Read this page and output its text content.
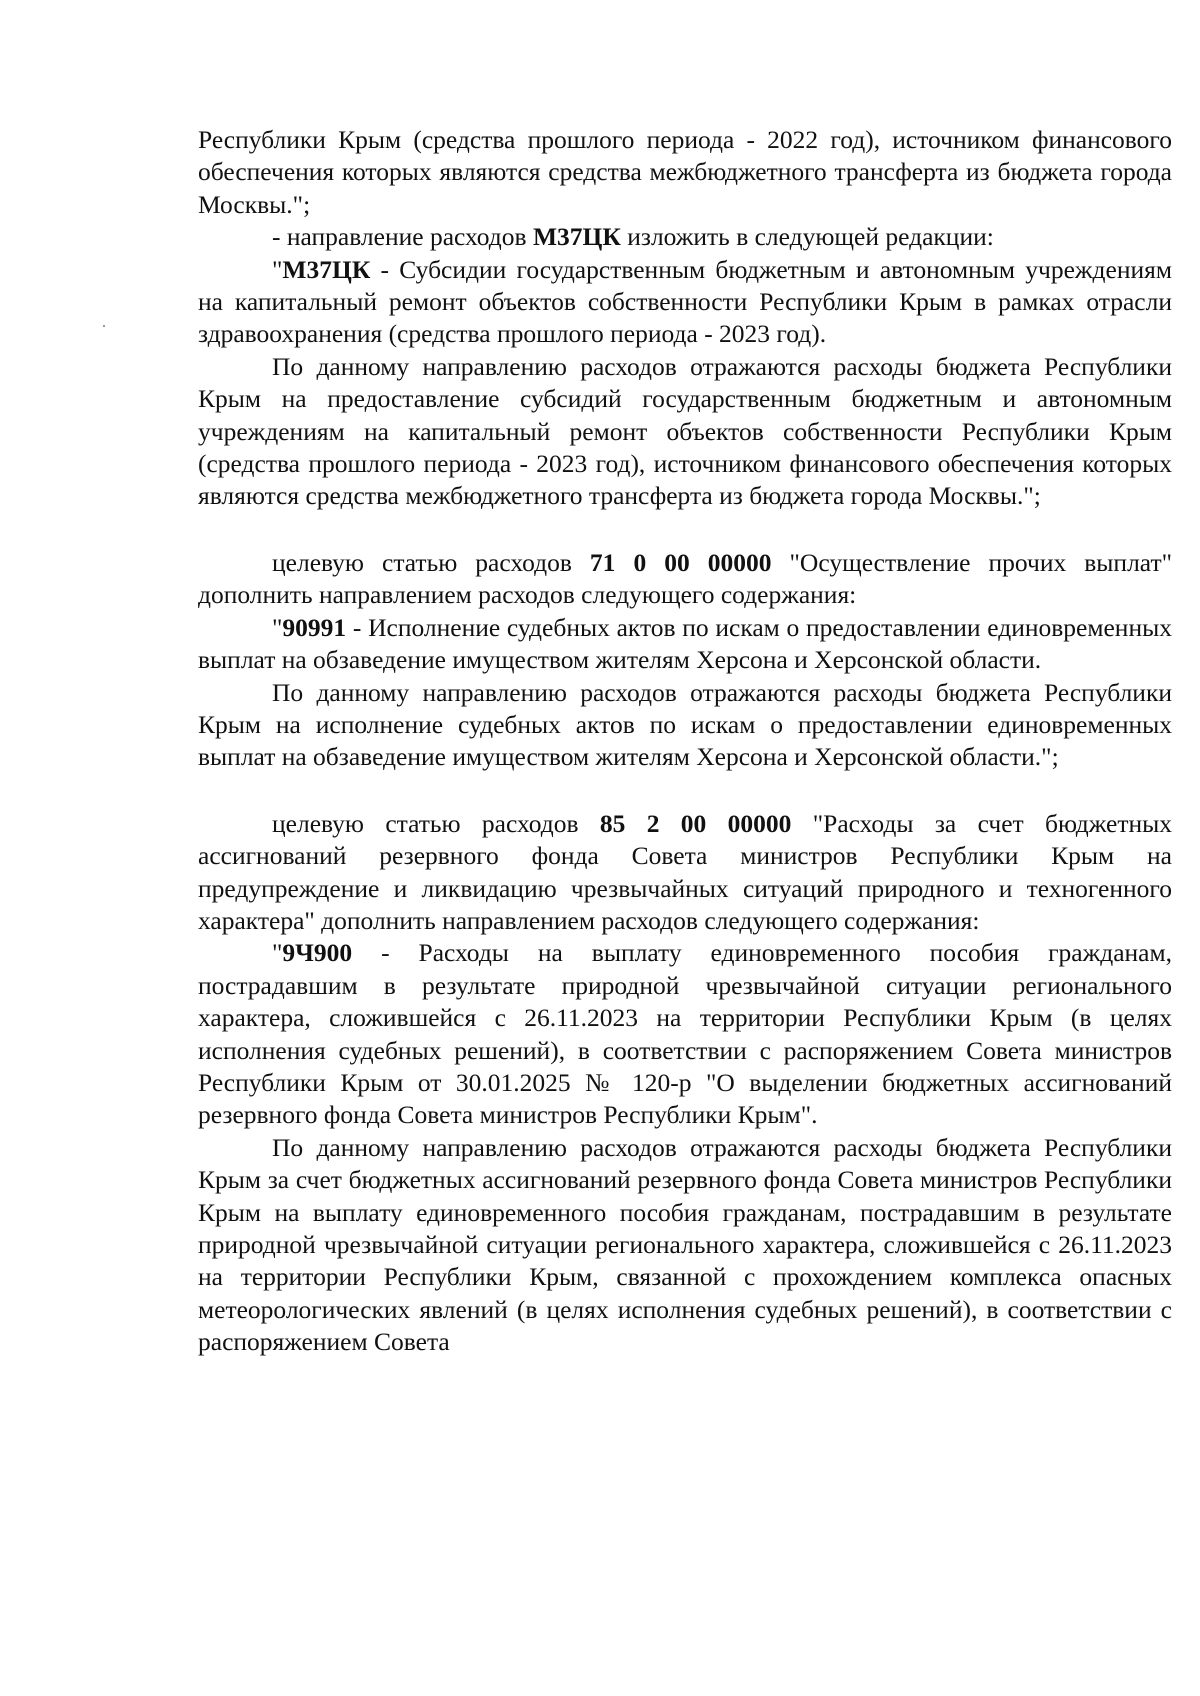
Республики Крым (средства прошлого периода - 2022 год), источником финансового обеспечения которых являются средства межбюджетного трансферта из бюджета города Москвы.";

- направление расходов М37ЦК изложить в следующей редакции:

"М37ЦК - Субсидии государственным бюджетным и автономным учреждениям на капитальный ремонт объектов собственности Республики Крым в рамках отрасли здравоохранения (средства прошлого периода - 2023 год).

По данному направлению расходов отражаются расходы бюджета Республики Крым на предоставление субсидий государственным бюджетным и автономным учреждениям на капитальный ремонт объектов собственности Республики Крым (средства прошлого периода - 2023 год), источником финансового обеспечения которых являются средства межбюджетного трансферта из бюджета города Москвы.";

целевую статью расходов 71 0 00 00000 "Осуществление прочих выплат" дополнить направлением расходов следующего содержания:

"90991 - Исполнение судебных актов по искам о предоставлении единовременных выплат на обзаведение имуществом жителям Херсона и Херсонской области.

По данному направлению расходов отражаются расходы бюджета Республики Крым на исполнение судебных актов по искам о предоставлении единовременных выплат на обзаведение имуществом жителям Херсона и Херсонской области.";

целевую статью расходов 85 2 00 00000 "Расходы за счет бюджетных ассигнований резервного фонда Совета министров Республики Крым на предупреждение и ликвидацию чрезвычайных ситуаций природного и техногенного характера" дополнить направлением расходов следующего содержания:

"9Ч900 - Расходы на выплату единовременного пособия гражданам, пострадавшим в результате природной чрезвычайной ситуации регионального характера, сложившейся с 26.11.2023 на территории Республики Крым (в целях исполнения судебных решений), в соответствии с распоряжением Совета министров Республики Крым от 30.01.2025 № 120-р "О выделении бюджетных ассигнований резервного фонда Совета министров Республики Крым".

По данному направлению расходов отражаются расходы бюджета Республики Крым за счет бюджетных ассигнований резервного фонда Совета министров Республики Крым на выплату единовременного пособия гражданам, пострадавшим в результате природной чрезвычайной ситуации регионального характера, сложившейся с 26.11.2023 на территории Республики Крым, связанной с прохождением комплекса опасных метеорологических явлений (в целях исполнения судебных решений), в соответствии с распоряжением Совета
